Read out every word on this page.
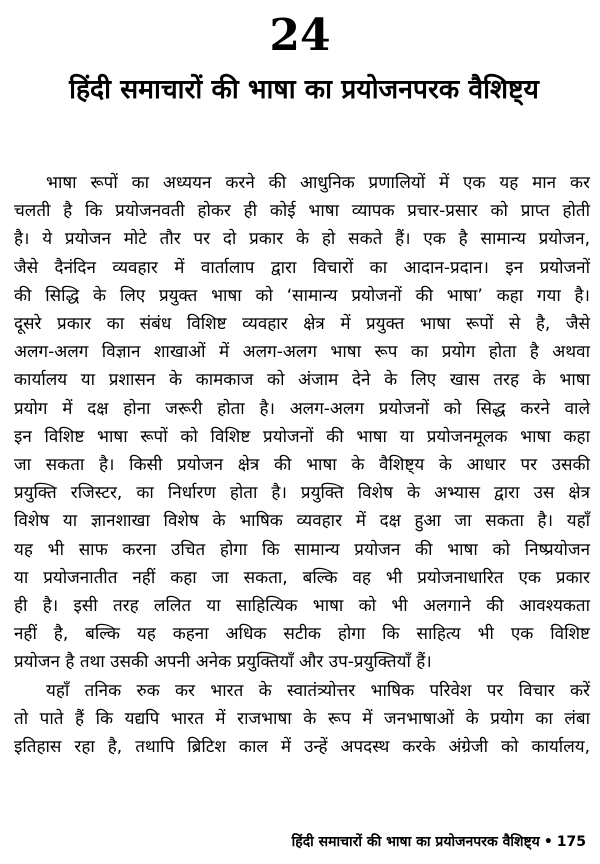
24
हिंदी समाचारों की भाषा का प्रयोजनपरक वैशिष्ट्य
भाषा रूपों का अध्ययन करने की आधुनिक प्रणालियों में एक यह मान कर
चलती है कि प्रयोजनवती होकर ही कोई भाषा व्यापक प्रचार-प्रसार को प्राप्त होती
है। ये प्रयोजन मोटे तौर पर दो प्रकार के हो सकते हैं। एक है सामान्य प्रयोजन,
जैसे दैनंदिन व्यवहार में वार्तालाप द्वारा विचारों का आदान-प्रदान। इन प्रयोजनों
की सिद्धि के लिए प्रयुक्त भाषा को ‘सामान्य प्रयोजनों की भाषा’ कहा गया है।
दूसरे प्रकार का संबंध विशिष्ट व्यवहार क्षेत्र में प्रयुक्त भाषा रूपों से है, जैसे
अलग-अलग विज्ञान शाखाओं में अलग-अलग भाषा रूप का प्रयोग होता है अथवा
कार्यालय या प्रशासन के कामकाज को अंजाम देने के लिए खास तरह के भाषा
प्रयोग में दक्ष होना जरूरी होता है। अलग-अलग प्रयोजनों को सिद्ध करने वाले
इन विशिष्ट भाषा रूपों को विशिष्ट प्रयोजनों की भाषा या प्रयोजनमूलक भाषा कहा
जा सकता है। किसी प्रयोजन क्षेत्र की भाषा के वैशिष्ट्य के आधार पर उसकी
प्रयुक्ति रजिस्टर, का निर्धारण होता है। प्रयुक्ति विशेष के अभ्यास द्वारा उस क्षेत्र
विशेष या ज्ञानशाखा विशेष के भाषिक व्यवहार में दक्ष हुआ जा सकता है। यहाँ
यह भी साफ करना उचित होगा कि सामान्य प्रयोजन की भाषा को निष्प्रयोजन
या प्रयोजनातीत नहीं कहा जा सकता, बल्कि वह भी प्रयोजनाधारित एक प्रकार
ही है। इसी तरह ललित या साहित्यिक भाषा को भी अलगाने की आवश्यकता
नहीं है, बल्कि यह कहना अधिक सटीक होगा कि साहित्य भी एक विशिष्ट
प्रयोजन है तथा उसकी अपनी अनेक प्रयुक्तियाँ और उप-प्रयुक्तियाँ हैं।
यहाँ तनिक रुक कर भारत के स्वातंत्र्योत्तर भाषिक परिवेश पर विचार करें
तो पाते हैं कि यद्यपि भारत में राजभाषा के रूप में जनभाषाओं के प्रयोग का लंबा
इतिहास रहा है, तथापि ब्रिटिश काल में उन्हें अपदस्थ करके अंग्रेजी को कार्यालय,
हिंदी समाचारों की भाषा का प्रयोजनपरक वैशिष्ट्य • 175
